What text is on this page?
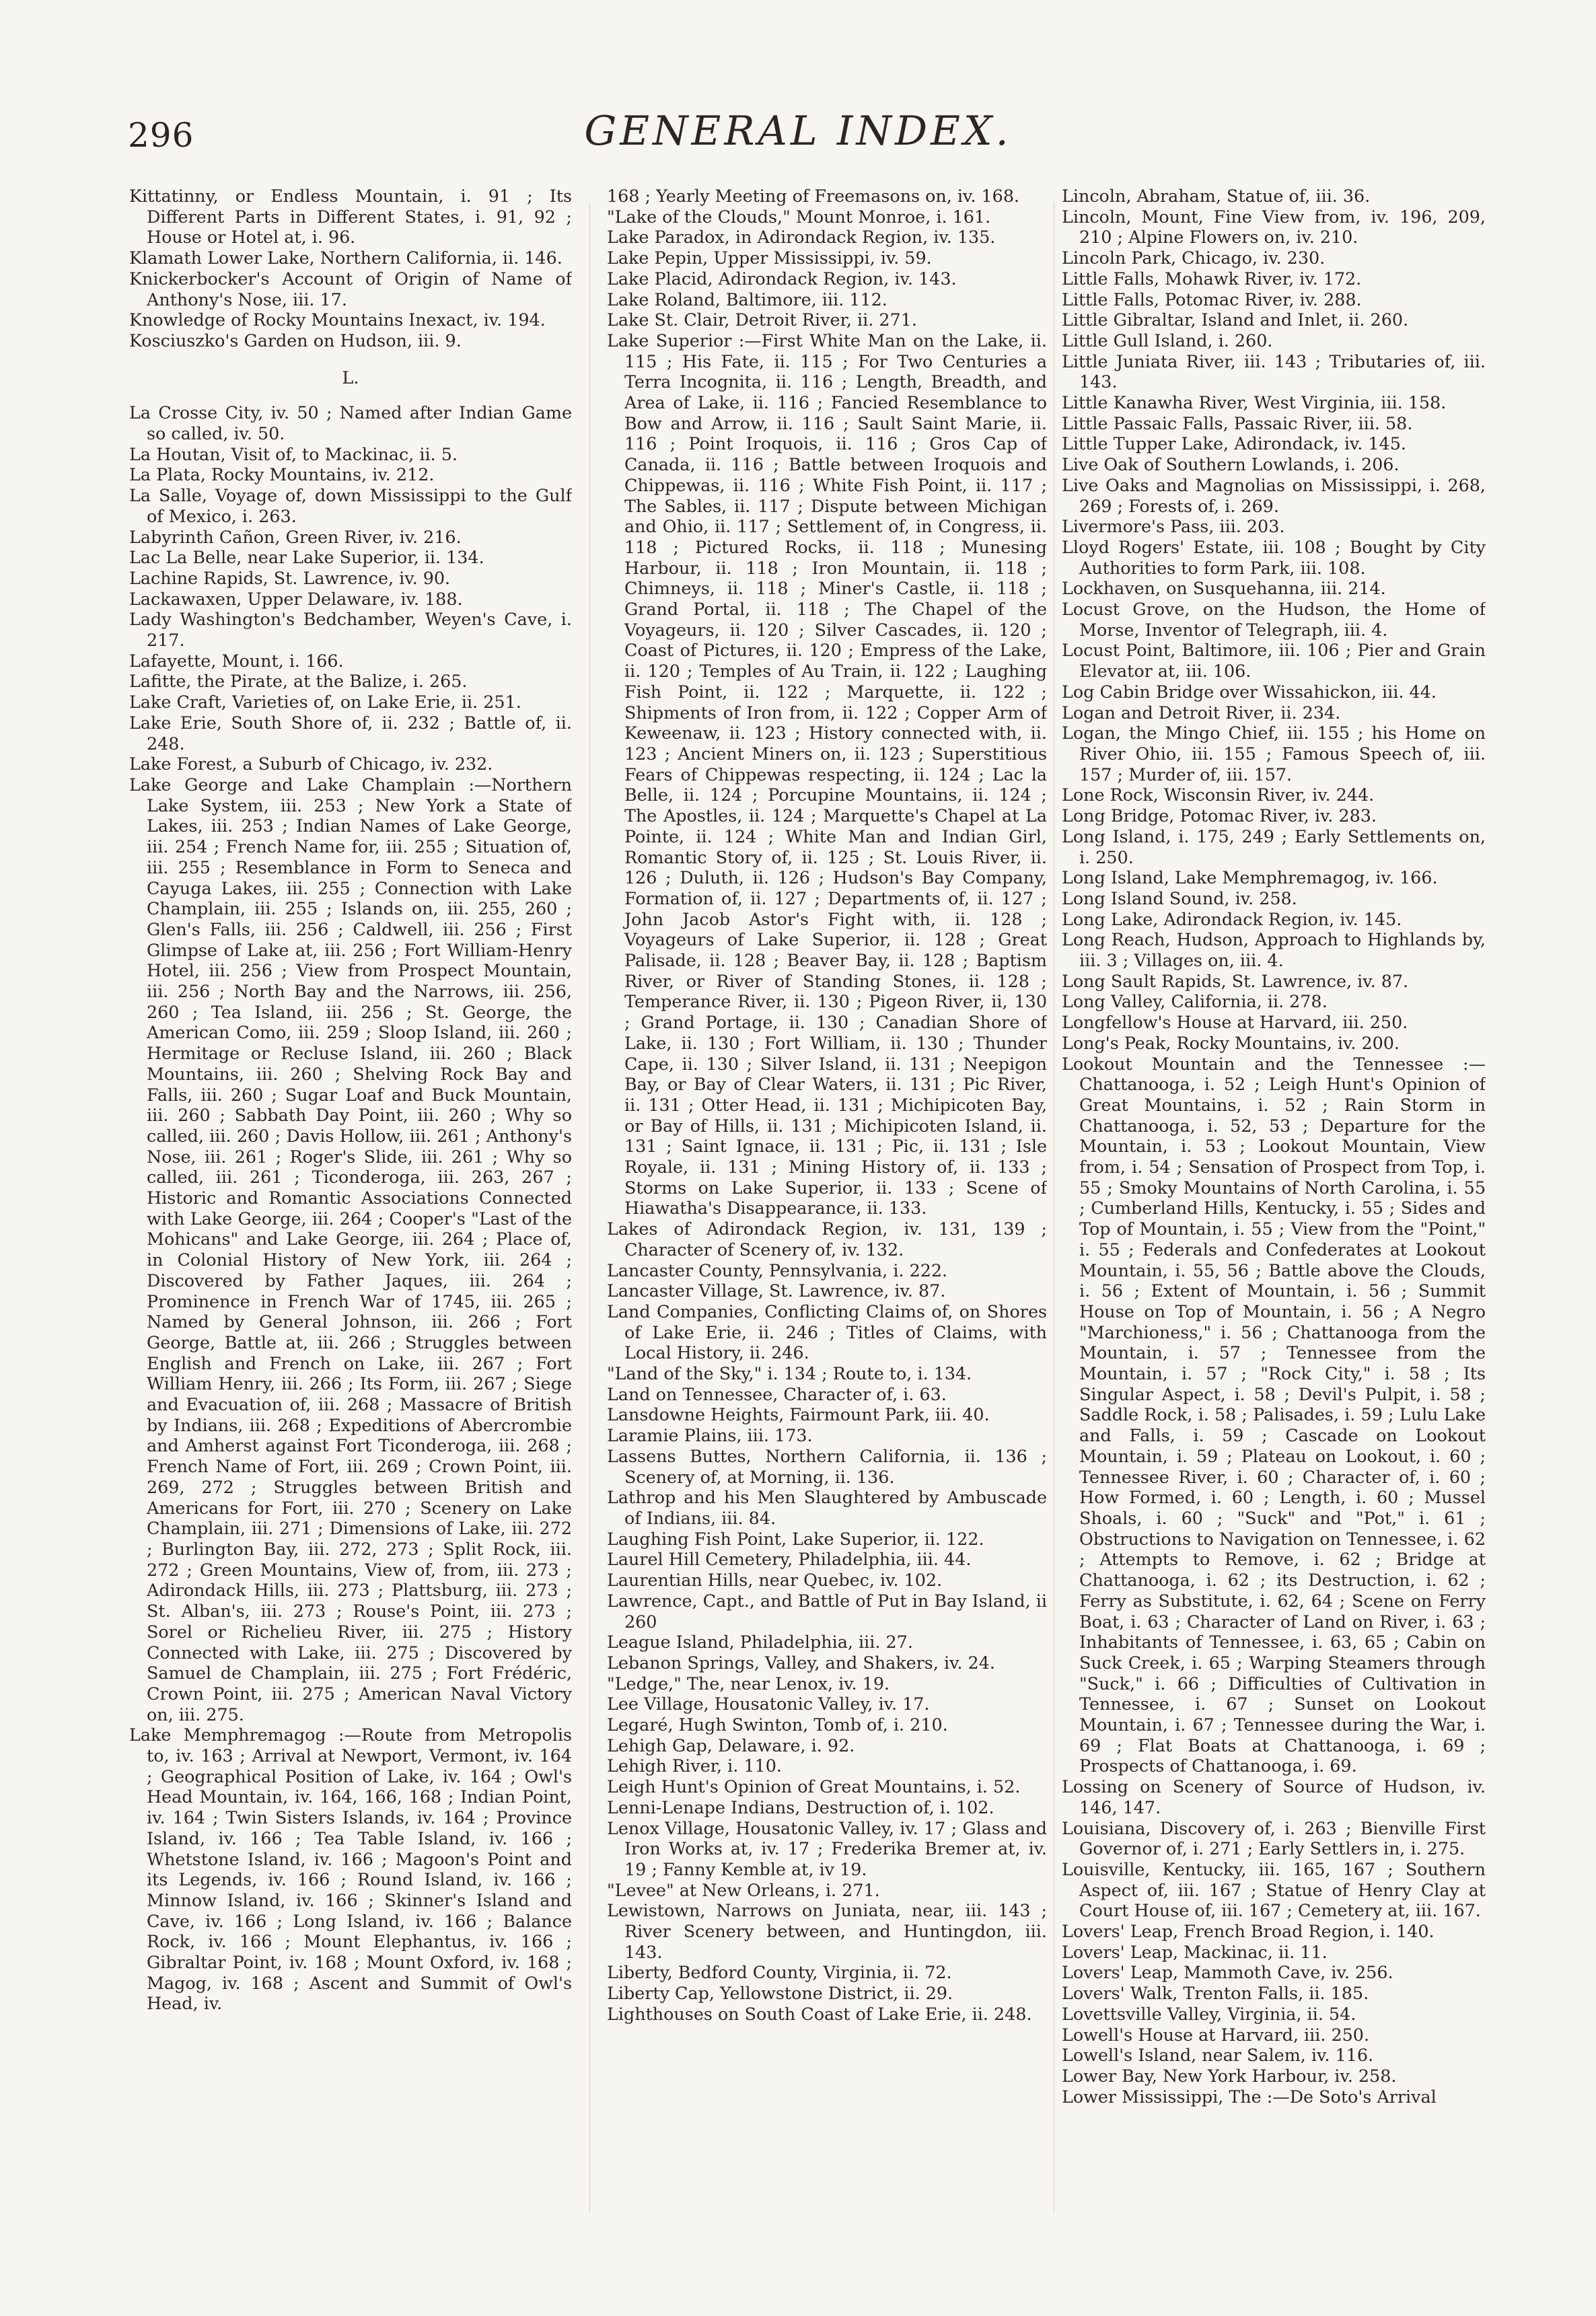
296	GENERAL INDEX.

Kittatinny, or Endless Mountain, i. 91 ; Its Different Parts in Different States, i. 91, 92 ; House or Hotel at, i. 96.

Klamath Lower Lake, Northern California, ii. 146.

Knickerbocker's Account of Origin of Name of Anthony's Nose, iii. 17.

Knowledge of Rocky Mountains Inexact, iv. 194.

Kosciuszko's Garden on Hudson, iii. 9.

L.

La Crosse City, iv. 50 ; Named after Indian Game so called, iv. 50.

La Houtan, Visit of, to Mackinac, ii. 5.

La Plata, Rocky Mountains, iv. 212.

La Salle, Voyage of, down Mississippi to the Gulf of Mexico, i. 263.

Labyrinth Cañon, Green River, iv. 216.

Lac La Belle, near Lake Superior, ii. 134.

Lachine Rapids, St. Lawrence, iv. 90.

Lackawaxen, Upper Delaware, iv. 188.

Lady Washington's Bedchamber, Weyen's Cave, i. 217.

Lafayette, Mount, i. 166.

Lafitte, the Pirate, at the Balize, i. 265.

Lake Craft, Varieties of, on Lake Erie, ii. 251.

Lake Erie, South Shore of, ii. 232 ; Battle of, ii. 248.

Lake Forest, a Suburb of Chicago, iv. 232.

Lake George and Lake Champlain :—Northern Lake System, iii. 253 ; New York a State of Lakes, iii. 253 ; Indian Names of Lake George, iii. 254 ; French Name for, iii. 255 ; Situation of, iii. 255 ; Resemblance in Form to Seneca and Cayuga Lakes, iii. 255 ; Connection with Lake Champlain, iii. 255 ; Islands on, iii. 255, 260 ; Glen's Falls, iii. 256 ; Caldwell, iii. 256 ; First Glimpse of Lake at, iii. 256 ; Fort William-Henry Hotel, iii. 256 ; View from Prospect Mountain, iii. 256 ; North Bay and the Narrows, iii. 256, 260 ; Tea Island, iii. 256 ; St. George, the American Como, iii. 259 ; Sloop Island, iii. 260 ; Hermitage or Recluse Island, iii. 260 ; Black Mountains, iii. 260 ; Shelving Rock Bay and Falls, iii. 260 ; Sugar Loaf and Buck Mountain, iii. 260 ; Sabbath Day Point, iii. 260 ; Why so called, iii. 260 ; Davis Hollow, iii. 261 ; Anthony's Nose, iii. 261 ; Roger's Slide, iii. 261 ; Why so called, iii. 261 ; Ticonderoga, iii. 263, 267 ; Historic and Romantic Associations Connected with Lake George, iii. 264 ; Cooper's "Last of the Mohicans" and Lake George, iii. 264 ; Place of, in Colonial History of New York, iii. 264 ; Discovered by Father Jaques, iii. 264 ; Prominence in French War of 1745, iii. 265 ; Named by General Johnson, iii. 266 ; Fort George, Battle at, iii. 266 ; Struggles between English and French on Lake, iii. 267 ; Fort William Henry, iii. 266 ; Its Form, iii. 267 ; Siege and Evacuation of, iii. 268 ; Massacre of British by Indians, iii. 268 ; Expeditions of Abercrombie and Amherst against Fort Ticonderoga, iii. 268 ; French Name of Fort, iii. 269 ; Crown Point, iii. 269, 272 ; Struggles between British and Americans for Fort, iii. 270 ; Scenery on Lake Champlain, iii. 271 ; Dimensions of Lake, iii. 272 ; Burlington Bay, iii. 272, 273 ; Split Rock, iii. 272 ; Green Mountains, View of, from, iii. 273 ; Adirondack Hills, iii. 273 ; Plattsburg, iii. 273 ; St. Alban's, iii. 273 ; Rouse's Point, iii. 273 ; Sorel or Richelieu River, iii. 275 ; History Connected with Lake, iii. 275 ; Discovered by Samuel de Champlain, iii. 275 ; Fort Frédéric, Crown Point, iii. 275 ; American Naval Victory on, iii. 275.

Lake Memphremagog :—Route from Metropolis to, iv. 163 ; Arrival at Newport, Vermont, iv. 164 ; Geographical Position of Lake, iv. 164 ; Owl's Head Mountain, iv. 164, 166, 168 ; Indian Point, iv. 164 ; Twin Sisters Islands, iv. 164 ; Province Island, iv. 166 ; Tea Table Island, iv. 166 ; Whetstone Island, iv. 166 ; Magoon's Point and its Legends, iv. 166 ; Round Island, iv. 166 ; Minnow Island, iv. 166 ; Skinner's Island and Cave, iv. 166 ; Long Island, iv. 166 ; Balance Rock, iv. 166 ; Mount Elephantus, iv. 166 ; Gibraltar Point, iv. 168 ; Mount Oxford, iv. 168 ; Magog, iv. 168 ; Ascent and Summit of Owl's Head, iv.

168 ; Yearly Meeting of Freemasons on, iv. 168.

"Lake of the Clouds," Mount Monroe, i. 161.

Lake Paradox, in Adirondack Region, iv. 135.

Lake Pepin, Upper Mississippi, iv. 59.

Lake Placid, Adirondack Region, iv. 143.

Lake Roland, Baltimore, iii. 112.

Lake St. Clair, Detroit River, ii. 271.

Lake Superior :—First White Man on the Lake, ii. 115 ; His Fate, ii. 115 ; For Two Centuries a Terra Incognita, ii. 116 ; Length, Breadth, and Area of Lake, ii. 116 ; Fancied Resemblance to Bow and Arrow, ii. 116 ; Sault Saint Marie, ii. 116 ; Point Iroquois, ii. 116 ; Gros Cap of Canada, ii. 116 ; Battle between Iroquois and Chippewas, ii. 116 ; White Fish Point, ii. 117 ; The Sables, ii. 117 ; Dispute between Michigan and Ohio, ii. 117 ; Settlement of, in Congress, ii. 118 ; Pictured Rocks, ii. 118 ; Munesing Harbour, ii. 118 ; Iron Mountain, ii. 118 ; Chimneys, ii. 118 ; Miner's Castle, ii. 118 ; Grand Portal, ii. 118 ; The Chapel of the Voyageurs, ii. 120 ; Silver Cascades, ii. 120 ; Coast of Pictures, ii. 120 ; Empress of the Lake, ii. 120 ; Temples of Au Train, ii. 122 ; Laughing Fish Point, ii. 122 ; Marquette, ii. 122 ; Shipments of Iron from, ii. 122 ; Copper Arm of Keweenaw, ii. 123 ; History connected with, ii. 123 ; Ancient Miners on, ii. 123 ; Superstitious Fears of Chippewas respecting, ii. 124 ; Lac la Belle, ii. 124 ; Porcupine Mountains, ii. 124 ; The Apostles, ii. 124 ; Marquette's Chapel at La Pointe, ii. 124 ; White Man and Indian Girl, Romantic Story of, ii. 125 ; St. Louis River, ii. 126 ; Duluth, ii. 126 ; Hudson's Bay Company, Formation of, ii. 127 ; Departments of, ii. 127 ; John Jacob Astor's Fight with, ii. 128 ; Voyageurs of Lake Superior, ii. 128 ; Great Palisade, ii. 128 ; Beaver Bay, ii. 128 ; Baptism River, or River of Standing Stones, ii. 128 ; Temperance River, ii. 130 ; Pigeon River, ii, 130 ; Grand Portage, ii. 130 ; Canadian Shore of Lake, ii. 130 ; Fort William, ii. 130 ; Thunder Cape, ii. 130 ; Silver Island, ii. 131 ; Neepigon Bay, or Bay of Clear Waters, ii. 131 ; Pic River, ii. 131 ; Otter Head, ii. 131 ; Michipicoten Bay, or Bay of Hills, ii. 131 ; Michipicoten Island, ii. 131 ; Saint Ignace, ii. 131 ; Pic, ii. 131 ; Isle Royale, ii. 131 ; Mining History of, ii. 133 ; Storms on Lake Superior, ii. 133 ; Scene of Hiawatha's Disappearance, ii. 133.

Lakes of Adirondack Region, iv. 131, 139 ; Character of Scenery of, iv. 132.

Lancaster County, Pennsylvania, i. 222.

Lancaster Village, St. Lawrence, iv. 87.

Land Companies, Conflicting Claims of, on Shores of Lake Erie, ii. 246 ; Titles of Claims, with Local History, ii. 246.

"Land of the Sky," i. 134 ; Route to, i. 134.

Land on Tennessee, Character of, i. 63.

Lansdowne Heights, Fairmount Park, iii. 40.

Laramie Plains, iii. 173.

Lassens Buttes, Northern California, ii. 136 ; Scenery of, at Morning, ii. 136.

Lathrop and his Men Slaughtered by Ambuscade of Indians, iii. 84.

Laughing Fish Point, Lake Superior, ii. 122.

Laurel Hill Cemetery, Philadelphia, iii. 44.

Laurentian Hills, near Quebec, iv. 102.

Lawrence, Capt., and Battle of Put in Bay Island, ii 260

League Island, Philadelphia, iii. 27.

Lebanon Springs, Valley, and Shakers, iv. 24.

"Ledge," The, near Lenox, iv. 19.

Lee Village, Housatonic Valley, iv. 17.

Legaré, Hugh Swinton, Tomb of, i. 210.

Lehigh Gap, Delaware, i. 92.

Lehigh River, i. 110.

Leigh Hunt's Opinion of Great Mountains, i. 52.

Lenni-Lenape Indians, Destruction of, i. 102.

Lenox Village, Housatonic Valley, iv. 17 ; Glass and Iron Works at, iv. 17 ; Frederika Bremer at, iv. 19 ; Fanny Kemble at, iv 19.

"Levee" at New Orleans, i. 271.

Lewistown, Narrows on Juniata, near, iii. 143 ; River Scenery between, and Huntingdon, iii. 143.

Liberty, Bedford County, Virginia, ii. 72.

Liberty Cap, Yellowstone District, ii. 29.

Lighthouses on South Coast of Lake Erie, ii. 248.

Lincoln, Abraham, Statue of, iii. 36.

Lincoln, Mount, Fine View from, iv. 196, 209, 210 ; Alpine Flowers on, iv. 210.

Lincoln Park, Chicago, iv. 230.

Little Falls, Mohawk River, iv. 172.

Little Falls, Potomac River, iv. 288.

Little Gibraltar, Island and Inlet, ii. 260.

Little Gull Island, i. 260.

Little Juniata River, iii. 143 ; Tributaries of, iii. 143.

Little Kanawha River, West Virginia, iii. 158.

Little Passaic Falls, Passaic River, iii. 58.

Little Tupper Lake, Adirondack, iv. 145.

Live Oak of Southern Lowlands, i. 206.

Live Oaks and Magnolias on Mississippi, i. 268, 269 ; Forests of, i. 269.

Livermore's Pass, iii. 203.

Lloyd Rogers' Estate, iii. 108 ; Bought by City Authorities to form Park, iii. 108.

Lockhaven, on Susquehanna, iii. 214.

Locust Grove, on the Hudson, the Home of Morse, Inventor of Telegraph, iii. 4.

Locust Point, Baltimore, iii. 106 ; Pier and Grain Elevator at, iii. 106.

Log Cabin Bridge over Wissahickon, iii. 44.

Logan and Detroit River, ii. 234.

Logan, the Mingo Chief, iii. 155 ; his Home on River Ohio, iii. 155 ; Famous Speech of, iii. 157 ; Murder of, iii. 157.

Lone Rock, Wisconsin River, iv. 244.

Long Bridge, Potomac River, iv. 283.

Long Island, i. 175, 249 ; Early Settlements on, i. 250.

Long Island, Lake Memphremagog, iv. 166.

Long Island Sound, iv. 258.

Long Lake, Adirondack Region, iv. 145.

Long Reach, Hudson, Approach to Highlands by, iii. 3 ; Villages on, iii. 4.

Long Sault Rapids, St. Lawrence, iv. 87.

Long Valley, California, ii. 278.

Longfellow's House at Harvard, iii. 250.

Long's Peak, Rocky Mountains, iv. 200.

Lookout Mountain and the Tennessee :—Chattanooga, i. 52 ; Leigh Hunt's Opinion of Great Mountains, i. 52 ; Rain Storm in Chattanooga, i. 52, 53 ; Departure for the Mountain, i. 53 ; Lookout Mountain, View from, i. 54 ; Sensation of Prospect from Top, i. 55 ; Smoky Mountains of North Carolina, i. 55 ; Cumberland Hills, Kentucky, i. 55 ; Sides and Top of Mountain, i. 55 ; View from the "Point," i. 55 ; Federals and Confederates at Lookout Mountain, i. 55, 56 ; Battle above the Clouds, i. 56 ; Extent of Mountain, i. 56 ; Summit House on Top of Mountain, i. 56 ; A Negro "Marchioness," i. 56 ; Chattanooga from the Mountain, i. 57 ; Tennessee from the Mountain, i. 57 ; "Rock City," i. 58 ; Its Singular Aspect, i. 58 ; Devil's Pulpit, i. 58 ; Saddle Rock, i. 58 ; Palisades, i. 59 ; Lulu Lake and Falls, i. 59 ; Cascade on Lookout Mountain, i. 59 ; Plateau on Lookout, i. 60 ; Tennessee River, i. 60 ; Character of, i. 60 ; How Formed, i. 60 ; Length, i. 60 ; Mussel Shoals, i. 60 ; "Suck" and "Pot," i. 61 ; Obstructions to Navigation on Tennessee, i. 62 ; Attempts to Remove, i. 62 ; Bridge at Chattanooga, i. 62 ; its Destruction, i. 62 ; Ferry as Substitute, i. 62, 64 ; Scene on Ferry Boat, i. 63 ; Character of Land on River, i. 63 ; Inhabitants of Tennessee, i. 63, 65 ; Cabin on Suck Creek, i. 65 ; Warping Steamers through "Suck," i. 66 ; Difficulties of Cultivation in Tennessee, i. 67 ; Sunset on Lookout Mountain, i. 67 ; Tennessee during the War, i. 69 ; Flat Boats at Chattanooga, i. 69 ; Prospects of Chattanooga, i. 69.

Lossing on Scenery of Source of Hudson, iv. 146, 147.

Louisiana, Discovery of, i. 263 ; Bienville First Governor of, i. 271 ; Early Settlers in, i. 275.

Louisville, Kentucky, iii. 165, 167 ; Southern Aspect of, iii. 167 ; Statue of Henry Clay at Court House of, iii. 167 ; Cemetery at, iii. 167.

Lovers' Leap, French Broad Region, i. 140.

Lovers' Leap, Mackinac, ii. 11.

Lovers' Leap, Mammoth Cave, iv. 256.

Lovers' Walk, Trenton Falls, ii. 185.

Lovettsville Valley, Virginia, ii. 54.

Lowell's House at Harvard, iii. 250.

Lowell's Island, near Salem, iv. 116.

Lower Bay, New York Harbour, iv. 258.

Lower Mississippi, The :—De Soto's Arrival
